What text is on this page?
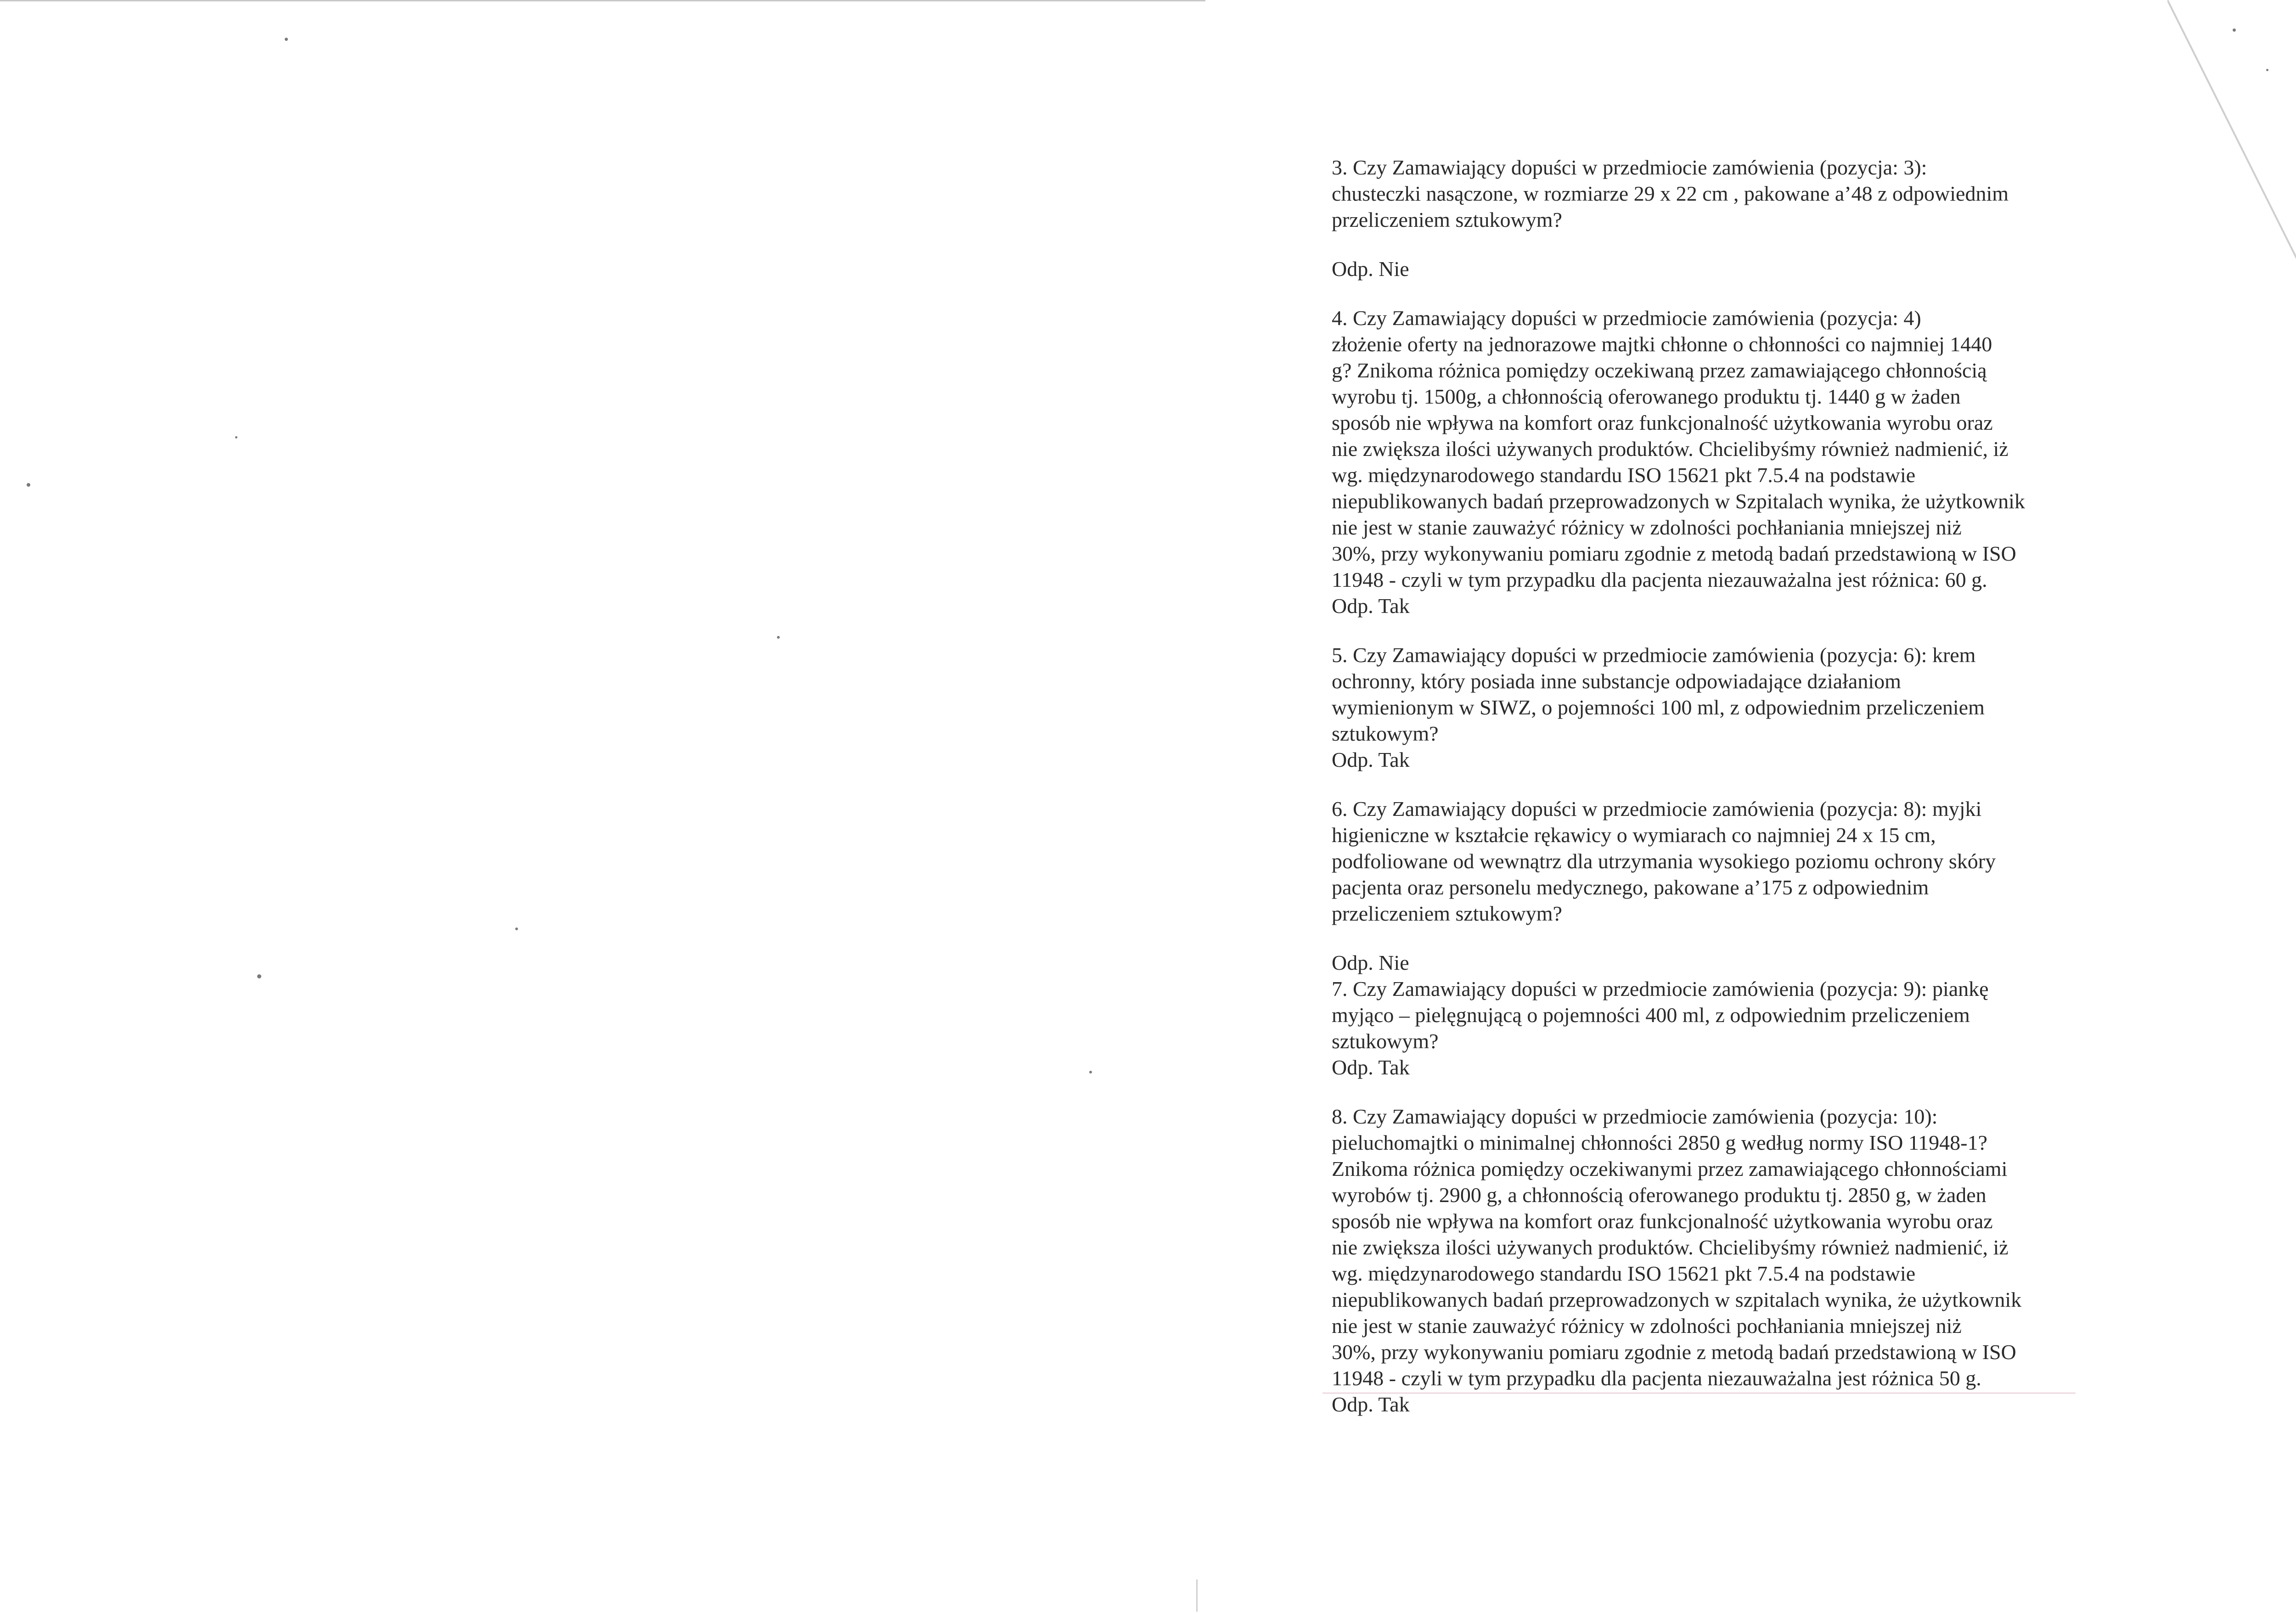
3. Czy Zamawiający dopuści w przedmiocie zamówienia (pozycja: 3):
chusteczki nasączone, w rozmiarze 29 x 22 cm , pakowane a’48 z odpowiednim
przeliczeniem sztukowym?

Odp. Nie

4. Czy Zamawiający dopuści w przedmiocie zamówienia (pozycja: 4)
złożenie oferty na jednorazowe majtki chłonne o chłonności co najmniej 1440
g? Znikoma różnica pomiędzy oczekiwaną przez zamawiającego chłonnością
wyrobu tj. 1500g, a chłonnością oferowanego produktu tj. 1440 g w żaden
sposób nie wpływa na komfort oraz funkcjonalność użytkowania wyrobu oraz
nie zwiększa ilości używanych produktów. Chcielibyśmy również nadmienić, iż
wg. międzynarodowego standardu ISO 15621 pkt 7.5.4 na podstawie
niepublikowanych badań przeprowadzonych w Szpitalach wynika, że użytkownik
nie jest w stanie zauważyć różnicy w zdolności pochłaniania mniejszej niż
30%, przy wykonywaniu pomiaru zgodnie z metodą badań przedstawioną w ISO
11948 - czyli w tym przypadku dla pacjenta niezauważalna jest różnica: 60 g.

Odp. Tak

5. Czy Zamawiający dopuści w przedmiocie zamówienia (pozycja: 6): krem
ochronny, który posiada inne substancje odpowiadające działaniom
wymienionym w SIWZ, o pojemności 100 ml, z odpowiednim przeliczeniem
sztukowym?

Odp. Tak

6. Czy Zamawiający dopuści w przedmiocie zamówienia (pozycja: 8): myjki
higieniczne w kształcie rękawicy o wymiarach co najmniej 24 x 15 cm,
podfoliowane od wewnątrz dla utrzymania wysokiego poziomu ochrony skóry
pacjenta oraz personelu medycznego, pakowane a’175 z odpowiednim
przeliczeniem sztukowym?

Odp. Nie

7. Czy Zamawiający dopuści w przedmiocie zamówienia (pozycja: 9): piankę
myjąco – pielęgnującą o pojemności 400 ml, z odpowiednim przeliczeniem
sztukowym?

Odp. Tak

8. Czy Zamawiający dopuści w przedmiocie zamówienia (pozycja: 10):
pieluchomajtki o minimalnej chłonności 2850 g według normy ISO 11948-1?
Znikoma różnica pomiędzy oczekiwanymi przez zamawiającego chłonnościami
wyrobów tj. 2900 g, a chłonnością oferowanego produktu tj. 2850 g, w żaden
sposób nie wpływa na komfort oraz funkcjonalność użytkowania wyrobu oraz
nie zwiększa ilości używanych produktów. Chcielibyśmy również nadmienić, iż
wg. międzynarodowego standardu ISO 15621 pkt 7.5.4 na podstawie
niepublikowanych badań przeprowadzonych w szpitalach wynika, że użytkownik
nie jest w stanie zauważyć różnicy w zdolności pochłaniania mniejszej niż
30%, przy wykonywaniu pomiaru zgodnie z metodą badań przedstawioną w ISO
11948 - czyli w tym przypadku dla pacjenta niezauważalna jest różnica 50 g.

Odp. Tak
